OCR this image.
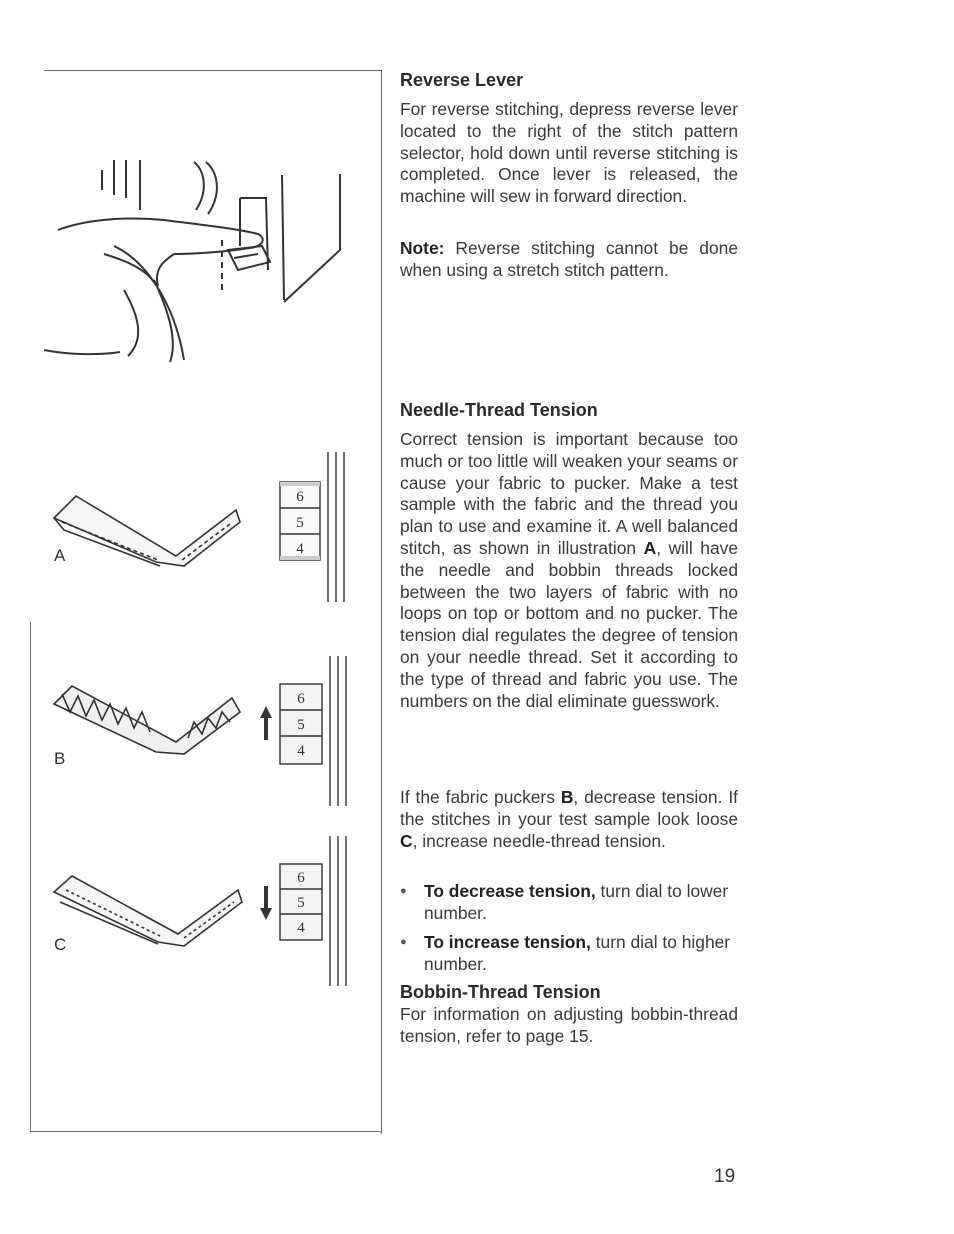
A
B
C
6
5
4
6
5
4
6
5
4
Reverse Lever

For reverse stitching, depress reverse lever located to the right of the stitch pattern selector, hold down until reverse stitching is completed. Once lever is released, the machine will sew in forward direction.

Note: Reverse stitching cannot be done when using a stretch stitch pattern.

Needle-Thread Tension

Correct tension is important because too much or too little will weaken your seams or cause your fabric to pucker. Make a test sample with the fabric and the thread you plan to use and examine it. A well balanced stitch, as shown in illustration A, will have the needle and bobbin threads locked between the two layers of fabric with no loops on top or bottom and no pucker. The tension dial regulates the degree of tension on your needle thread. Set it according to the type of thread and fabric you use. The numbers on the dial eliminate guesswork.

If the fabric puckers B, decrease tension. If the stitches in your test sample look loose C, increase needle-thread tension.

● To decrease tension, turn dial to lower number.
● To increase tension, turn dial to higher number.
Bobbin-Thread Tension

For information on adjusting bobbin-thread tension, refer to page 15.

19
